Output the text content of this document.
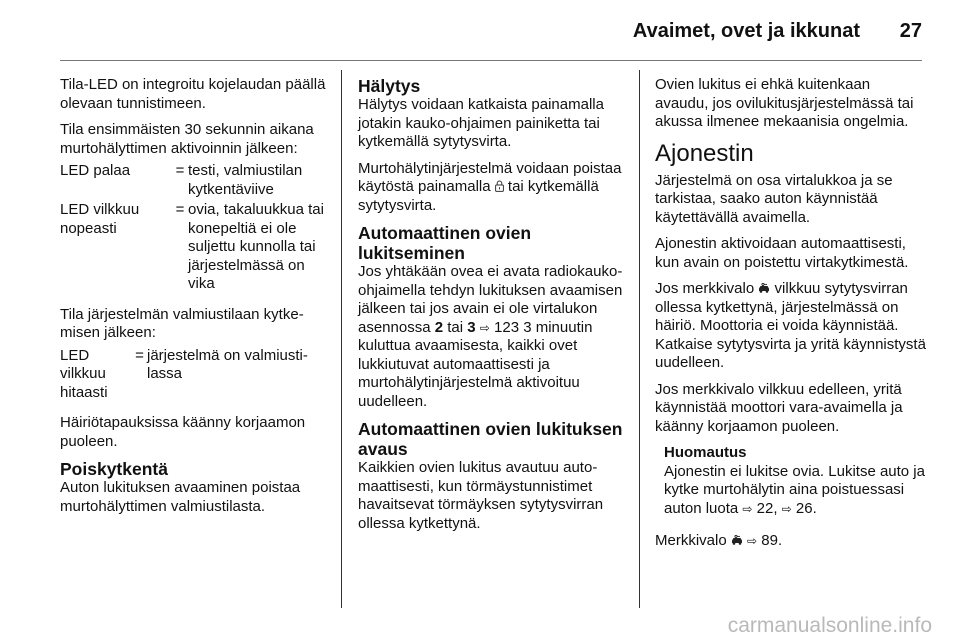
Avaimet, ovet ja ikkunat	27

Tila-LED on integroitu kojelaudan päällä olevaan tunnistimeen.

Tila ensimmäisten 30 sekunnin aikana murtohälyttimen aktivoinnin jälkeen:

LED palaa	= testi, valmiustilan kytkentäviive
LED vilkkuu nopeasti
= ovia, takaluukkua tai konepeltiä ei ole suljettu kunnolla tai järjestelmässä on vika

Tila järjestelmän valmiustilaan kytkemisen jälkeen:

LED vilkkuu hitaasti
= järjestelmä on valmiustilassa

Häiriötapauksissa käänny korjaamon puoleen.

Poiskytkentä

Auton lukituksen avaaminen poistaa murtohälyttimen valmiustilasta.

Hälytys

Hälytys voidaan katkaista painamalla jotakin kauko-ohjaimen painiketta tai kytkemällä sytytysvirta.

Murtohälytinjärjestelmä voidaan poistaa käytöstä painamalla  tai kytkemällä sytytysvirta.

Automaattinen ovien lukitseminen

Jos yhtäkään ovea ei avata radiokauko-ohjaimella tehdyn lukituksen avaamisen jälkeen tai jos avain ei ole virtalukon asennossa 2 tai 3 ⇨ 123 3 minuutin kuluttua avaamisesta, kaikki ovet lukkiutuvat automaattisesti ja murtohälytinjärjestelmä aktivoituu uudelleen.

Automaattinen ovien lukituksen avaus

Kaikkien ovien lukitus avautuu automaattisesti, kun törmäystunnistimet havaitsevat törmäyksen sytytysvirran ollessa kytkettynä.

Ovien lukitus ei ehkä kuitenkaan avaudu, jos ovilukitusjärjestelmässä tai akussa ilmenee mekaanisia ongelmia.

Ajonestin

Järjestelmä on osa virtalukkoa ja se tarkistaa, saako auton käynnistää käytettävällä avaimella.

Ajonestin aktivoidaan automaattisesti, kun avain on poistettu virtakytkimestä.

Jos merkkivalo  vilkkuu sytytysvirran ollessa kytkettynä, järjestelmässä on häiriö. Moottoria ei voida käynnistää. Katkaise sytytysvirta ja yritä käynnistystä uudelleen.

Jos merkkivalo vilkkuu edelleen, yritä käynnistää moottori vara-avaimella ja käänny korjaamon puoleen.

Huomautus
Ajonestin ei lukitse ovia. Lukitse auto ja kytke murtohälytin aina poistuessasi auton luota ⇨ 22, ⇨ 26.

Merkkivalo  ⇨ 89.

carmanualsonline.info
